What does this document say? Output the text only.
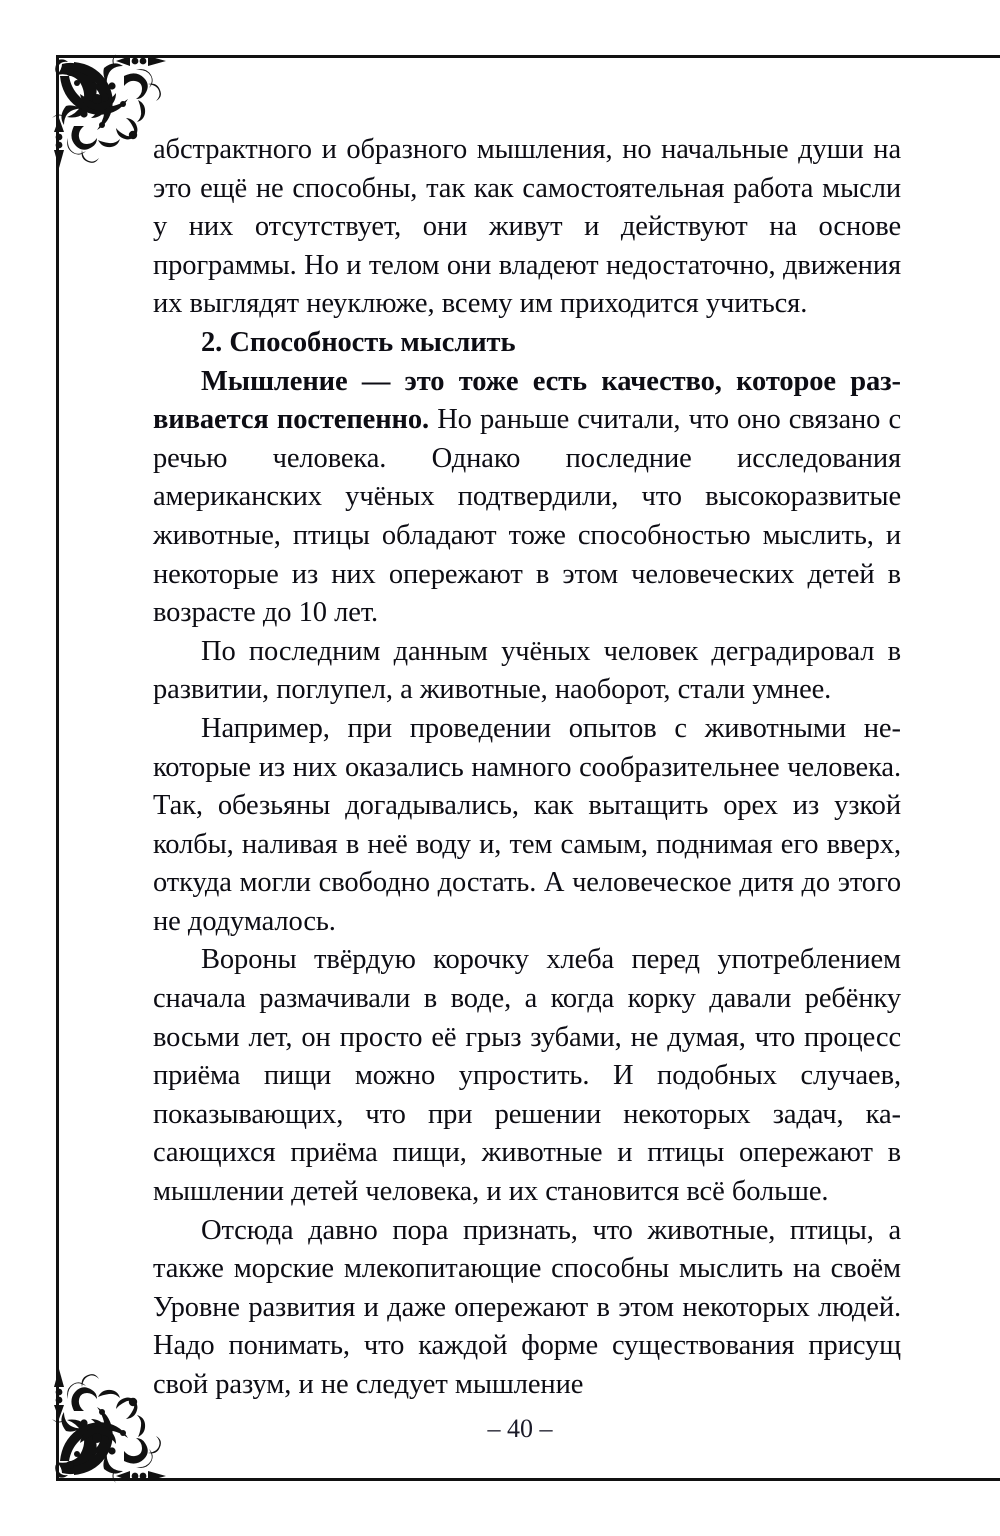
абстрактного и образного мышления, но начальные души на это ещё не способны, так как самостоятельная работа мысли у них отсутствует, они живут и действуют на основе программы. Но и телом они владеют недостаточно, движения их выглядят неуклюже, всему им приходится учиться.

2. Способность мыслить

Мышление — это тоже есть качество, которое развивается постепенно. Но раньше считали, что оно связано с речью человека. Однако последние исследования американских учёных подтвердили, что высокоразвитые животные, птицы обладают тоже способностью мыслить, и некоторые из них опережают в этом человеческих детей в возрасте до 10 лет.

По последним данным учёных человек деградировал в развитии, поглупел, а животные, наоборот, стали умнее.

Например, при проведении опытов с животными некоторые из них оказались намного сообразительнее человека. Так, обезьяны догадывались, как вытащить орех из узкой колбы, наливая в неё воду и, тем самым, поднимая его вверх, откуда могли свободно достать. А человеческое дитя до этого не додумалось.

Вороны твёрдую корочку хлеба перед употреблением сначала размачивали в воде, а когда корку давали ребёнку восьми лет, он просто её грыз зубами, не думая, что процесс приёма пищи можно упростить. И подобных случаев, показывающих, что при решении некоторых задач, касающихся приёма пищи, животные и птицы опережают в мышлении детей человека, и их становится всё больше.

Отсюда давно пора признать, что животные, птицы, а также морские млекопитающие способны мыслить на своём Уровне развития и даже опережают в этом некоторых людей. Надо понимать, что каждой форме существования присущ свой разум, и не следует мышление

– 40 –
